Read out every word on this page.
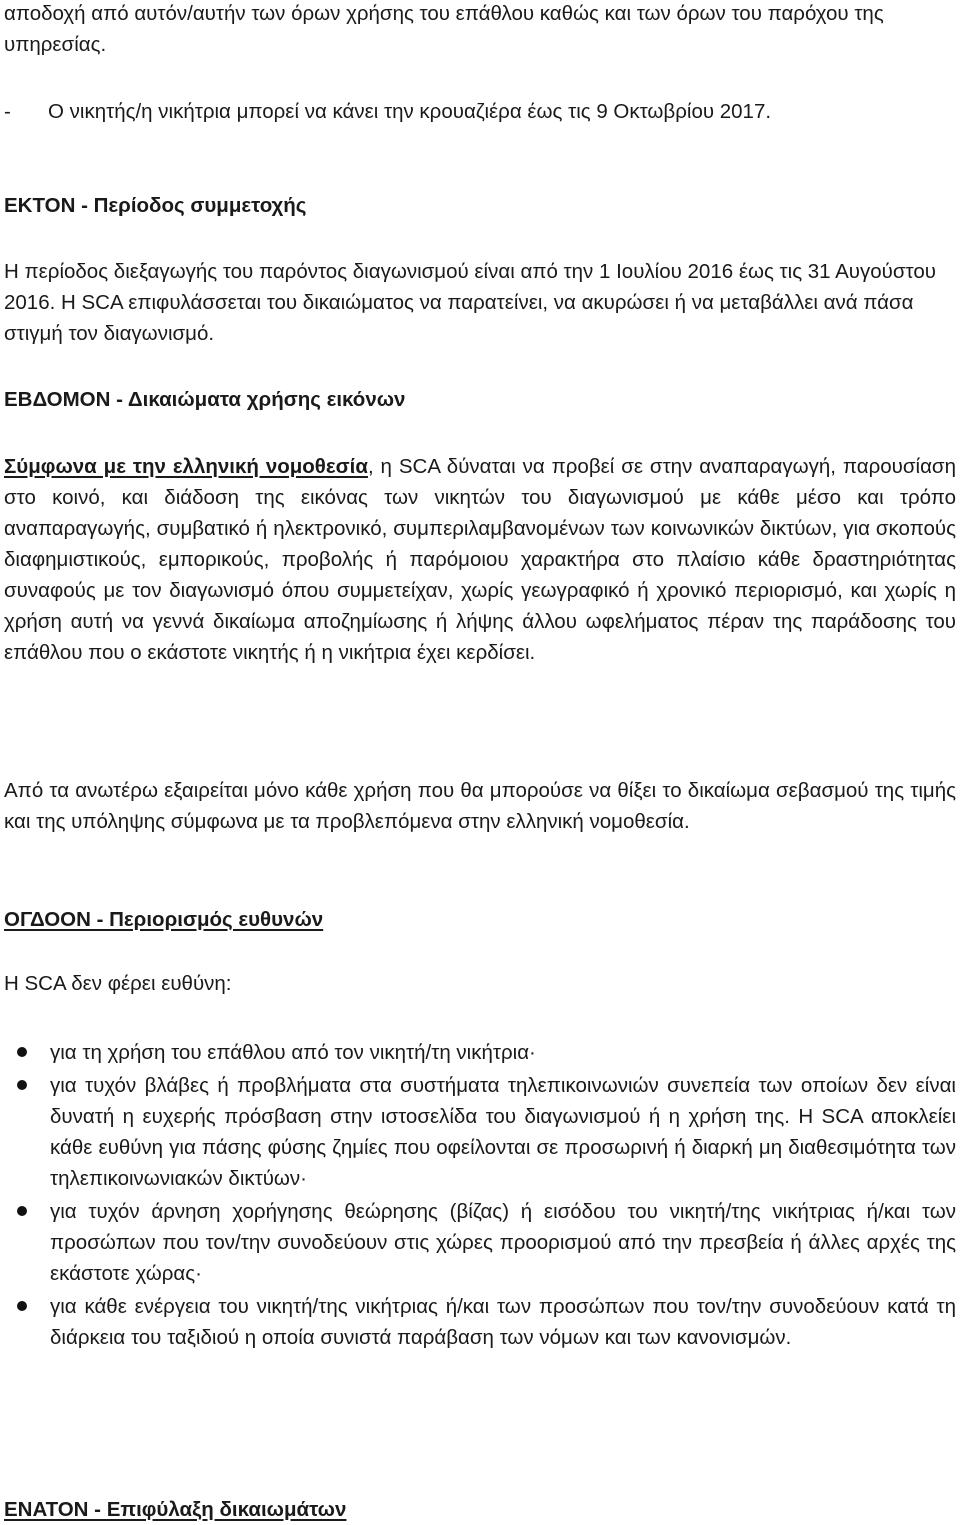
αποδοχή από αυτόν/αυτήν των όρων χρήσης του επάθλου καθώς και των όρων του παρόχου της υπηρεσίας.

- Ο νικητής/η νικήτρια μπορεί να κάνει την κρουαζιέρα έως τις 9 Οκτωβρίου 2017.

ΕΚΤΟΝ - Περίοδος συμμετοχής

Η περίοδος διεξαγωγής του παρόντος διαγωνισμού είναι από την 1 Ιουλίου 2016 έως τις 31 Αυγούστου 2016. Η SCA επιφυλάσσεται του δικαιώματος να παρατείνει, να ακυρώσει ή να μεταβάλλει ανά πάσα στιγμή τον διαγωνισμό.

ΕΒΔΟΜΟΝ - Δικαιώματα χρήσης εικόνων

Σύμφωνα με την ελληνική νομοθεσία, η SCA δύναται να προβεί σε στην αναπαραγωγή, παρουσίαση στο κοινό, και διάδοση της εικόνας των νικητών του διαγωνισμού με κάθε μέσο και τρόπο αναπαραγωγής, συμβατικό ή ηλεκτρονικό, συμπεριλαμβανομένων των κοινωνικών δικτύων, για σκοπούς διαφημιστικούς, εμπορικούς, προβολής ή παρόμοιου χαρακτήρα στο πλαίσιο κάθε δραστηριότητας συναφούς με τον διαγωνισμό όπου συμμετείχαν, χωρίς γεωγραφικό ή χρονικό περιορισμό, και χωρίς η χρήση αυτή να γεννά δικαίωμα αποζημίωσης ή λήψης άλλου ωφελήματος πέραν της παράδοσης του επάθλου που ο εκάστοτε νικητής ή η νικήτρια έχει κερδίσει.

Από τα ανωτέρω εξαιρείται μόνο κάθε χρήση που θα μπορούσε να θίξει το δικαίωμα σεβασμού της τιμής και της υπόληψης σύμφωνα με τα προβλεπόμενα στην ελληνική νομοθεσία.

ΟΓΔΟΟΝ - Περιορισμός ευθυνών

Η SCA δεν φέρει ευθύνη:

για τη χρήση του επάθλου από τον νικητή/τη νικήτρια·
για τυχόν βλάβες ή προβλήματα στα συστήματα τηλεπικοινωνιών συνεπεία των οποίων δεν είναι δυνατή η ευχερής πρόσβαση στην ιστοσελίδα του διαγωνισμού ή η χρήση της. Η SCA αποκλείει κάθε ευθύνη για πάσης φύσης ζημίες που οφείλονται σε προσωρινή ή διαρκή μη διαθεσιμότητα των τηλεπικοινωνιακών δικτύων·
για τυχόν άρνηση χορήγησης θεώρησης (βίζας) ή εισόδου του νικητή/της νικήτριας ή/και των προσώπων που τον/την συνοδεύουν στις χώρες προορισμού από την πρεσβεία ή άλλες αρχές της εκάστοτε χώρας·
για κάθε ενέργεια του νικητή/της νικήτριας ή/και των προσώπων που τον/την συνοδεύουν κατά τη διάρκεια του ταξιδιού η οποία συνιστά παράβαση των νόμων και των κανονισμών.

ΕΝΑΤΟΝ - Επιφύλαξη δικαιωμάτων
